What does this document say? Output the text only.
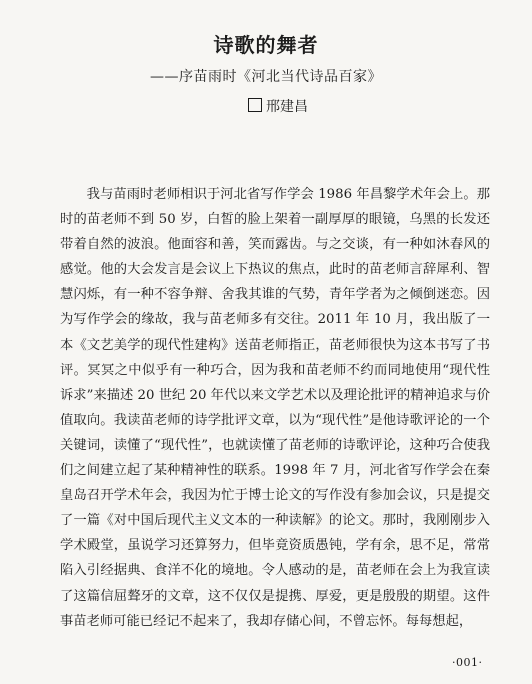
诗歌的舞者
——序苗雨时《河北当代诗品百家》
邢建昌

我与苗雨时老师相识于河北省写作学会 1986 年昌黎学术年会上。那时的苗老师不到 50 岁，白皙的脸上架着一副厚厚的眼镜，乌黑的长发还带着自然的波浪。他面容和善，笑而露齿。与之交谈，有一种如沐春风的感觉。他的大会发言是会议上下热议的焦点，此时的苗老师言辞犀利、智慧闪烁，有一种不容争辩、舍我其谁的气势，青年学者为之倾倒迷恋。因为写作学会的缘故，我与苗老师多有交往。2011 年 10 月，我出版了一本《文艺美学的现代性建构》送苗老师指正，苗老师很快为这本书写了书评。冥冥之中似乎有一种巧合，因为我和苗老师不约而同地使用“现代性诉求”来描述 20 世纪 20 年代以来文学艺术以及理论批评的精神追求与价值取向。我读苗老师的诗学批评文章，以为“现代性”是他诗歌评论的一个关键词，读懂了“现代性”，也就读懂了苗老师的诗歌评论，这种巧合使我们之间建立起了某种精神性的联系。1998 年 7 月，河北省写作学会在秦皇岛召开学术年会，我因为忙于博士论文的写作没有参加会议，只是提交了一篇《对中国后现代主义文本的一种读解》的论文。那时，我刚刚步入学术殿堂，虽说学习还算努力，但毕竟资质愚钝，学有余，思不足，常常陷入引经据典、食洋不化的境地。令人感动的是，苗老师在会上为我宣读了这篇信屈聱牙的文章，这不仅仅是提携、厚爱，更是殷殷的期望。这件事苗老师可能已经记不起来了，我却存储心间，不曾忘怀。每每想起，

·001·
